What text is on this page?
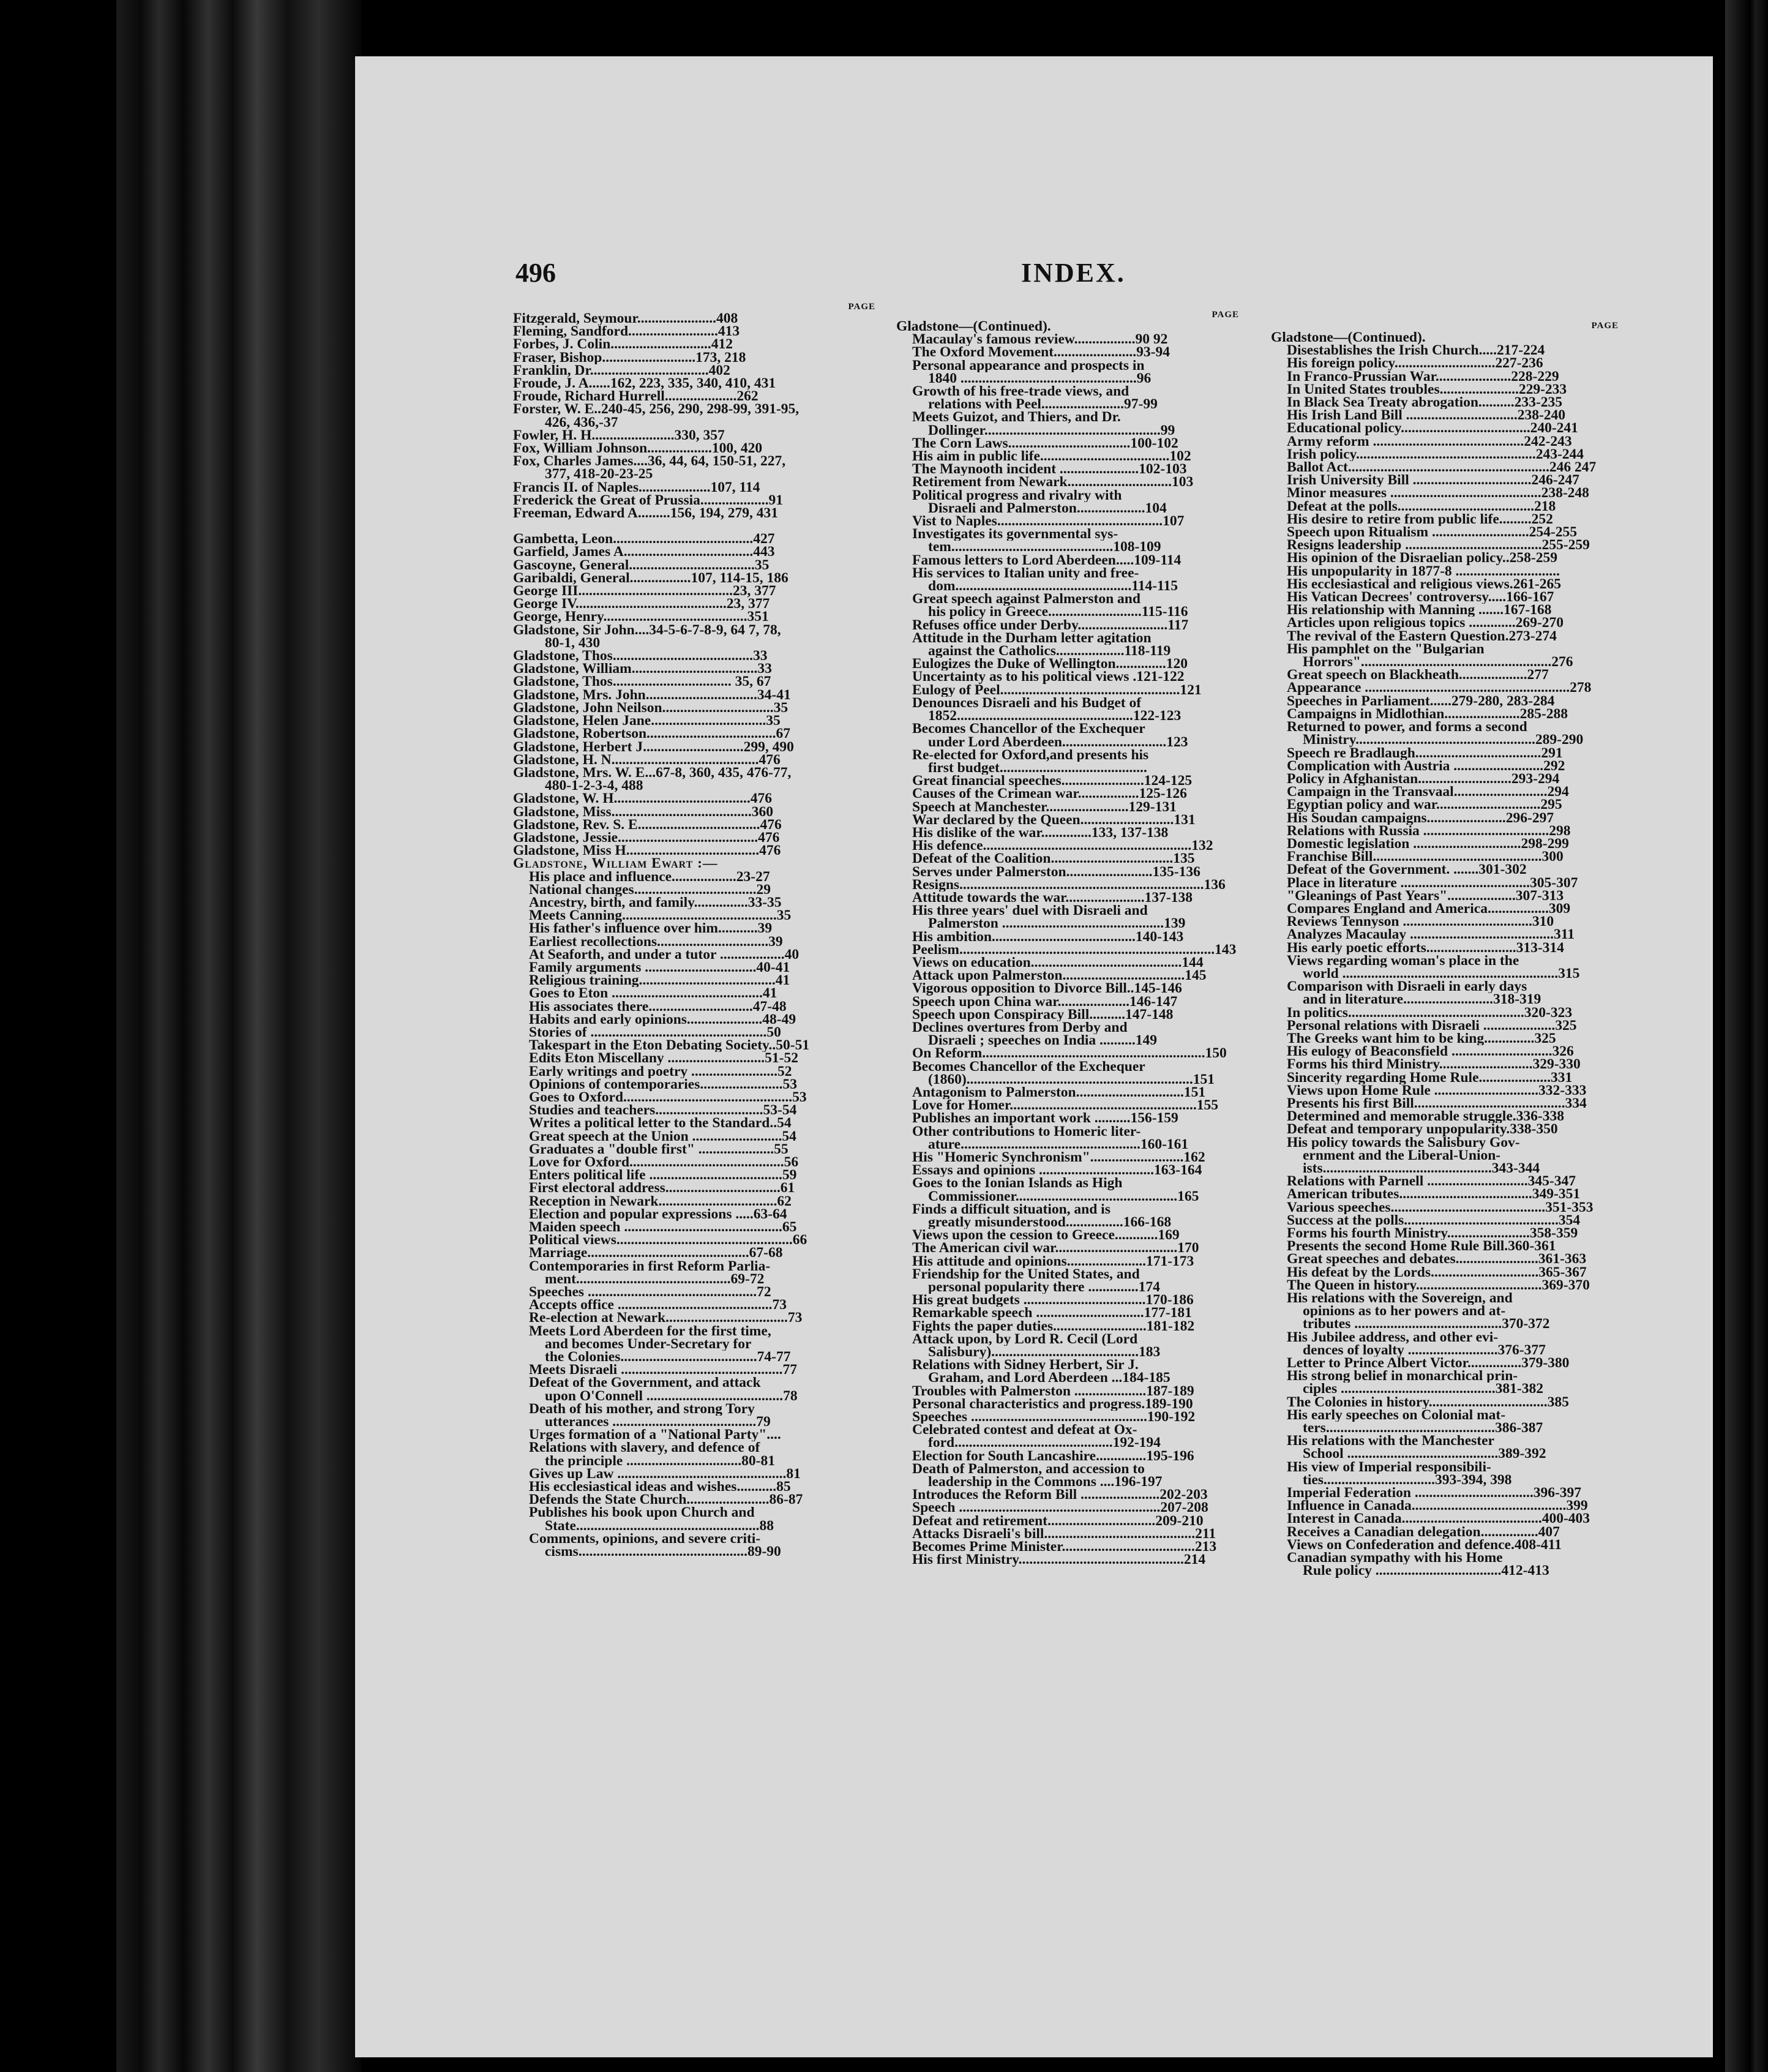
496	INDEX.
PAGE
Fitzgerald, Seymour......................408
Fleming, Sandford.........................413
Forbes, J. Colin............................412
Fraser, Bishop..........................173, 218
Franklin, Dr.................................402
Froude, J. A......162, 223, 335, 340, 410, 431
Froude, Richard Hurrell....................262
Forster, W. E..240-45, 256, 290, 298-99, 391-95,
426, 436,-37
Fowler, H. H.......................330, 357
Fox, William Johnson..................100, 420
Fox, Charles James....36, 44, 64, 150-51, 227,
377, 418-20-23-25
Francis II. of Naples....................107, 114
Frederick the Great of Prussia...................91
Freeman, Edward A.........156, 194, 279, 431
Gambetta, Leon.......................................427
Garfield, James A....................................443
Gascoyne, General...................................35
Garibaldi, General.................107, 114-15, 186
George III...........................................23, 377
George IV..........................................23, 377
George, Henry........................................351
Gladstone, Sir John....34-5-6-7-8-9, 64 7, 78,
80-1, 430
Gladstone, Thos.......................................33
Gladstone, William...................................33
Gladstone, Thos................................. 35, 67
Gladstone, Mrs. John...............................34-41
Gladstone, John Neilson...............................35
Gladstone, Helen Jane................................35
Gladstone, Robertson....................................67
Gladstone, Herbert J............................299, 490
Gladstone, H. N.........................................476
Gladstone, Mrs. W. E...67-8, 360, 435, 476-77,
480-1-2-3-4, 488
Gladstone, W. H......................................476
Gladstone, Miss.......................................360
Gladstone, Rev. S. E..................................476
Gladstone, Jessie.......................................476
Gladstone, Miss H.....................................476
Gladstone, William Ewart :—
His place and influence..................23-27
National changes..................................29
Ancestry, birth, and family...............33-35
Meets Canning...........................................35
His father's influence over him...........39
Earliest recollections...............................39
At Seaforth, and under a tutor ..................40
Family arguments ...............................40-41
Religious training......................................41
Goes to Eton ..........................................41
His associates there.............................47-48
Habits and early opinions.....................48-49
Stories of .................................................50
Takespart in the Eton Debating Society..50-51
Edits Eton Miscellany ...........................51-52
Early writings and poetry ........................52
Opinions of contemporaries.......................53
Goes to Oxford...............................................53
Studies and teachers..............................53-54
Writes a political letter to the Standard..54
Great speech at the Union .........................54
Graduates a "double first" .....................55
Love for Oxford...........................................56
Enters political life .....................................59
First electoral address................................61
Reception in Newark.................................62
Election and popular expressions .....63-64
Maiden speech ............................................65
Political views.................................................66
Marriage.............................................67-68
Contemporaries in first Reform Parlia-
ment...........................................69-72
Speeches ...............................................72
Accepts office ...........................................73
Re-election at Newark..................................73
Meets Lord Aberdeen for the first time,
and becomes Under-Secretary for
the Colonies......................................74-77
Meets Disraeli .............................................77
Defeat of the Government, and attack
upon O'Connell ......................................78
Death of his mother, and strong Tory
utterances ........................................79
Urges formation of a "National Party"....
Relations with slavery, and defence of
the principle ................................80-81
Gives up Law ...............................................81
His ecclesiastical ideas and wishes...........85
Defends the State Church.......................86-87
Publishes his book upon Church and
State...................................................88
Comments, opinions, and severe criti-
cisms...............................................89-90
PAGE
Gladstone—(Continued).
Macaulay's famous review.................90 92
The Oxford Movement.......................93-94
Personal appearance and prospects in
1840 .................................................96
Growth of his free-trade views, and
relations with Peel.......................97-99
Meets Guizot, and Thiers, and Dr.
Dollinger.................................................99
The Corn Laws..................................100-102
His aim in public life....................................102
The Maynooth incident ......................102-103
Retirement from Newark.............................103
Political progress and rivalry with
Disraeli and Palmerston...................104
Vist to Naples..............................................107
Investigates its governmental sys-
tem.............................................108-109
Famous letters to Lord Aberdeen.....109-114
His services to Italian unity and free-
dom.................................................114-115
Great speech against Palmerston and
his policy in Greece..........................115-116
Refuses office under Derby.........................117
Attitude in the Durham letter agitation
against the Catholics...................118-119
Eulogizes the Duke of Wellington..............120
Uncertainty as to his political views .121-122
Eulogy of Peel..................................................121
Denounces Disraeli and his Budget of
1852.................................................122-123
Becomes Chancellor of the Exchequer
under Lord Aberdeen.............................123
Re-elected for Oxford,and presents his
first budget.........................................
Great financial speeches.......................124-125
Causes of the Crimean war.................125-126
Speech at Manchester.......................129-131
War declared by the Queen..........................131
His dislike of the war..............133, 137-138
His defence..........................................................132
Defeat of the Coalition..................................135
Serves under Palmerston........................135-136
Resigns....................................................................136
Attitude towards the war......................137-138
His three years' duel with Disraeli and
Palmerston .............................................139
His ambition........................................140-143
Peelism.......................................................................143
Views on education..........................................144
Attack upon Palmerston..................................145
Vigorous opposition to Divorce Bill..145-146
Speech upon China war....................146-147
Speech upon Conspiracy Bill..........147-148
Declines overtures from Derby and
Disraeli ; speeches on India ..........149
On Reform..............................................................150
Becomes Chancellor of the Exchequer
(1860)...............................................................151
Antagonism to Palmerston..............................151
Love for Homer....................................................155
Publishes an important work ..........156-159
Other contributions to Homeric liter-
ature..................................................160-161
His "Homeric Synchronism"..........................162
Essays and opinions ................................163-164
Goes to the Ionian Islands as High
Commissioner.............................................165
Finds a difficult situation, and is
greatly misunderstood................166-168
Views upon the cession to Greece............169
The American civil war..................................170
His attitude and opinions......................171-173
Friendship for the United States, and
personal popularity there ..............174
His great budgets ..................................170-186
Remarkable speech ..............................177-181
Fights the paper duties..........................181-182
Attack upon, by Lord R. Cecil (Lord
Salisbury).........................................183
Relations with Sidney Herbert, Sir J.
Graham, and Lord Aberdeen ...184-185
Troubles with Palmerston ....................187-189
Personal characteristics and progress.189-190
Speeches .................................................190-192
Celebrated contest and defeat at Ox-
ford............................................192-194
Election for South Lancashire..............195-196
Death of Palmerston, and accession to
leadership in the Commons ....196-197
Introduces the Reform Bill ......................202-203
Speech ........................................................207-208
Defeat and retirement..............................209-210
Attacks Disraeli's bill..........................................211
Becomes Prime Minister.....................................213
His first Ministry..............................................214
PAGE
Gladstone—(Continued).
Disestablishes the Irish Church.....217-224
His foreign policy............................227-236
In Franco-Prussian War.....................228-229
In United States troubles......................229-233
In Black Sea Treaty abrogation..........233-235
His Irish Land Bill ...............................238-240
Educational policy....................................240-241
Army reform ..........................................242-243
Irish policy..................................................243-244
Ballot Act........................................................246 247
Irish University Bill .................................246-247
Minor measures ..........................................238-248
Defeat at the polls......................................218
His desire to retire from public life.........252
Speech upon Ritualism ...........................254-255
Resigns leadership ......................................255-259
His opinion of the Disraelian policy..258-259
His unpopularity in 1877-8 .............................
His ecclesiastical and religious views.261-265
His Vatican Decrees' controversy.....166-167
His relationship with Manning .......167-168
Articles upon religious topics .............269-270
The revival of the Eastern Question.273-274
His pamphlet on the "Bulgarian
Horrors".....................................................276
Great speech on Blackheath...................277
Appearance .........................................................278
Speeches in Parliament......279-280, 283-284
Campaigns in Midlothian.....................285-288
Returned to power, and forms a second
Ministry..................................................289-290
Speech re Bradlaugh...................................291
Complication with Austria .........................292
Policy in Afghanistan..........................293-294
Campaign in the Transvaal..........................294
Egyptian policy and war.............................295
His Soudan campaigns......................296-297
Relations with Russia ...................................298
Domestic legislation ..............................298-299
Franchise Bill...............................................300
Defeat of the Government. .......301-302
Place in literature ....................................305-307
"Gleanings of Past Years"...................307-313
Compares England and America.................309
Reviews Tennyson ....................................310
Analyzes Macaulay ........................................311
His early poetic efforts.........................313-314
Views regarding woman's place in the
world ............................................................315
Comparison with Disraeli in early days
and in literature.........................318-319
In politics.................................................320-323
Personal relations with Disraeli ....................325
The Greeks want him to be king..............325
His eulogy of Beaconsfield ............................326
Forms his third Ministry..........................329-330
Sincerity regarding Home Rule....................331
Views upon Home Rule .............................332-333
Presents his first Bill..........................................334
Determined and memorable struggle.336-338
Defeat and temporary unpopularity.338-350
His policy towards the Salisbury Gov-
ernment and the Liberal-Union-
ists...............................................343-344
Relations with Parnell ............................345-347
American tributes.....................................349-351
Various speeches...........................................351-353
Success at the polls...........................................354
Forms his fourth Ministry.......................358-359
Presents the second Home Rule Bill.360-361
Great speeches and debates.......................361-363
His defeat by the Lords..............................365-367
The Queen in history...................................369-370
His relations with the Sovereign, and
opinions as to her powers and at-
tributes .........................................370-372
His Jubilee address, and other evi-
dences of loyalty .........................376-377
Letter to Prince Albert Victor...............379-380
His strong belief in monarchical prin-
ciples ...........................................381-382
The Colonies in history.................................385
His early speeches on Colonial mat-
ters...............................................386-387
His relations with the Manchester
School ..........................................389-392
His view of Imperial responsibili-
ties...............................393-394, 398
Imperial Federation .................................396-397
Influence in Canada...........................................399
Interest in Canada.......................................400-403
Receives a Canadian delegation................407
Views on Confederation and defence.408-411
Canadian sympathy with his Home
Rule policy ...................................412-413
